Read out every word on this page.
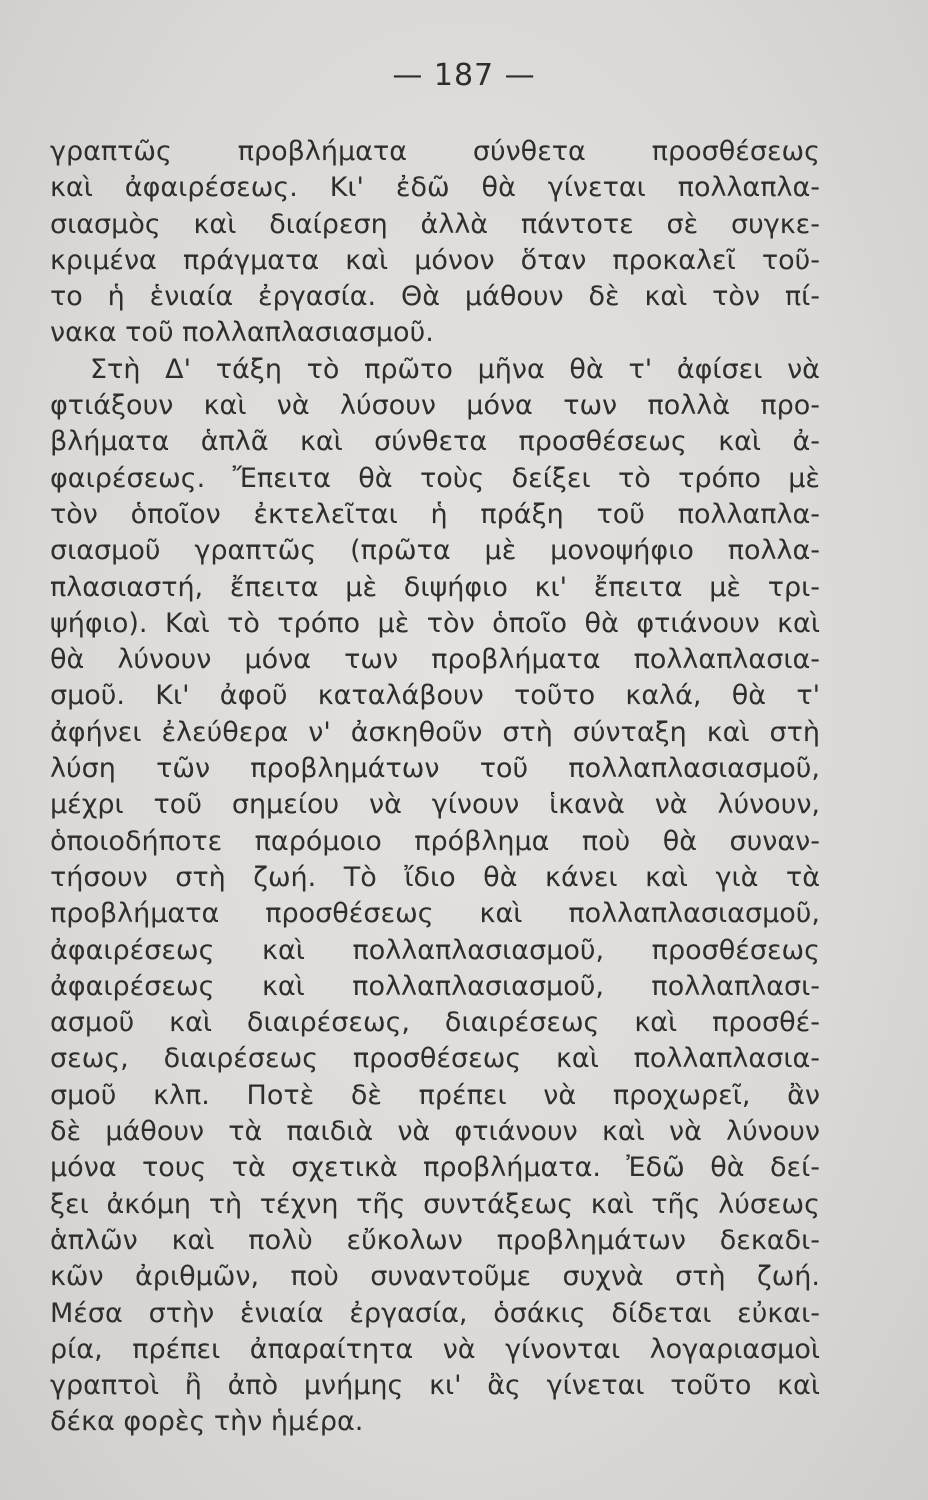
— 187 —
γραπτῶς προβλήματα σύνθετα προσθέσεως
καὶ ἀφαιρέσεως. Κι' ἐδῶ θὰ γίνεται πολλαπλα-
σιασμὸς καὶ διαίρεση ἀλλὰ πάντοτε σὲ συγκε-
κριμένα πράγματα καὶ μόνον ὅταν προκαλεῖ τοῦ-
το ἡ ἑνιαία ἐργασία. Θὰ μάθουν δὲ καὶ τὸν πί-
νακα τοῦ πολλαπλασιασμοῦ.
Στὴ Δ' τάξη τὸ πρῶτο μῆνα θὰ τ' ἀφίσει νὰ
φτιάξουν καὶ νὰ λύσουν μόνα των πολλὰ προ-
βλήματα ἁπλᾶ καὶ σύνθετα προσθέσεως καὶ ἀ-
φαιρέσεως. Ἔπειτα θὰ τοὺς δείξει τὸ τρόπο μὲ
τὸν ὁποῖον ἐκτελεῖται ἡ πράξη τοῦ πολλαπλα-
σιασμοῦ γραπτῶς (πρῶτα μὲ μονοψήφιο πολλα-
πλασιαστή, ἔπειτα μὲ διψήφιο κι' ἔπειτα μὲ τρι-
ψήφιο). Καὶ τὸ τρόπο μὲ τὸν ὁποῖο θὰ φτιάνουν καὶ
θὰ λύνουν μόνα των προβλήματα πολλαπλασια-
σμοῦ. Κι' ἀφοῦ καταλάβουν τοῦτο καλά, θὰ τ'
ἀφήνει ἐλεύθερα ν' ἀσκηθοῦν στὴ σύνταξη καὶ στὴ
λύση τῶν προβλημάτων τοῦ πολλαπλασιασμοῦ,
μέχρι τοῦ σημείου νὰ γίνουν ἱκανὰ νὰ λύνουν,
ὁποιοδήποτε παρόμοιο πρόβλημα ποὺ θὰ συναν-
τήσουν στὴ ζωή. Τὸ ἴδιο θὰ κάνει καὶ γιὰ τὰ
προβλήματα προσθέσεως καὶ πολλαπλασιασμοῦ,
ἀφαιρέσεως καὶ πολλαπλασιασμοῦ, προσθέσεως
ἀφαιρέσεως καὶ πολλαπλασιασμοῦ, πολλαπλασι-
ασμοῦ καὶ διαιρέσεως, διαιρέσεως καὶ προσθέ-
σεως, διαιρέσεως προσθέσεως καὶ πολλαπλασια-
σμοῦ κλπ. Ποτὲ δὲ πρέπει νὰ προχωρεῖ, ἂν
δὲ μάθουν τὰ παιδιὰ νὰ φτιάνουν καὶ νὰ λύνουν
μόνα τους τὰ σχετικὰ προβλήματα. Ἐδῶ θὰ δεί-
ξει ἀκόμη τὴ τέχνη τῆς συντάξεως καὶ τῆς λύσεως
ἁπλῶν καὶ πολὺ εὔκολων προβλημάτων δεκαδι-
κῶν ἀριθμῶν, ποὺ συναντοῦμε συχνὰ στὴ ζωή.
Μέσα στὴν ἑνιαία ἐργασία, ὁσάκις δίδεται εὐκαι-
ρία, πρέπει ἀπαραίτητα νὰ γίνονται λογαριασμοὶ
γραπτοὶ ἢ ἀπὸ μνήμης κι' ἂς γίνεται τοῦτο καὶ
δέκα φορὲς τὴν ἡμέρα.
